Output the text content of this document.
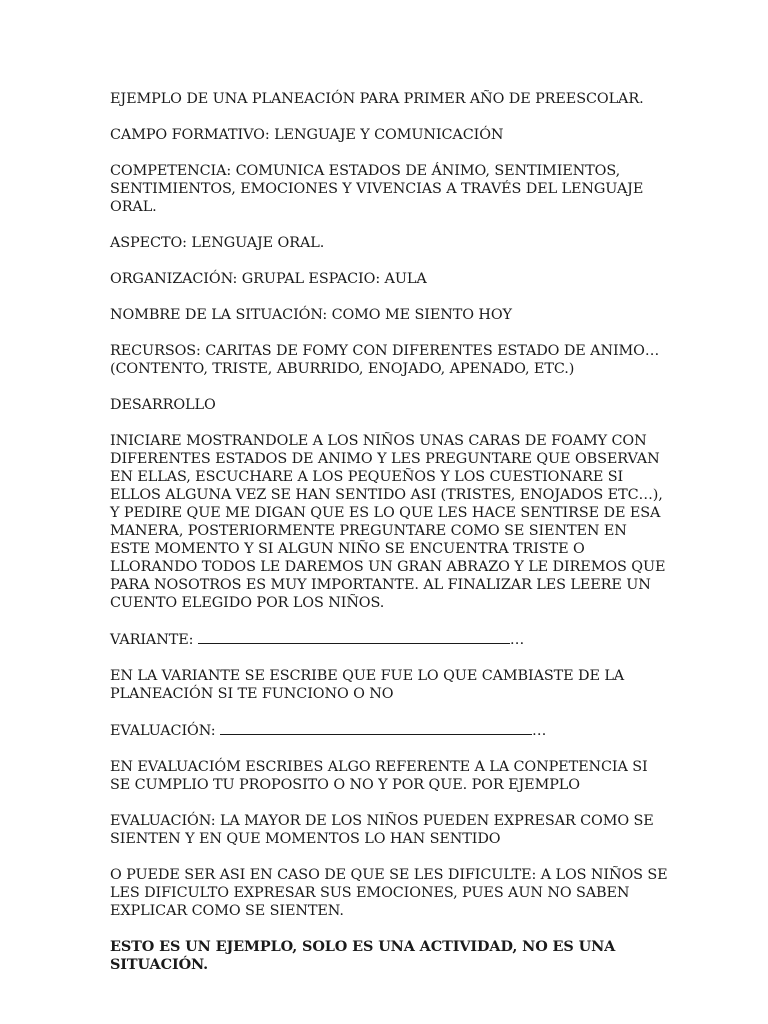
EJEMPLO DE UNA PLANEACIÓN PARA PRIMER AÑO DE PREESCOLAR.

CAMPO FORMATIVO: LENGUAJE Y COMUNICACIÓN

COMPETENCIA: COMUNICA ESTADOS DE ÁNIMO, SENTIMIENTOS, SENTIMIENTOS, EMOCIONES Y VIVENCIAS A TRAVÉS DEL LENGUAJE ORAL.

ASPECTO: LENGUAJE ORAL.

ORGANIZACIÓN: GRUPAL ESPACIO: AULA

NOMBRE DE LA SITUACIÓN: COMO ME SIENTO HOY

RECURSOS: CARITAS DE FOMY CON DIFERENTES ESTADO DE ANIMO… (CONTENTO, TRISTE, ABURRIDO, ENOJADO, APENADO, ETC.)

DESARROLLO

INICIARE MOSTRANDOLE A LOS NIÑOS UNAS CARAS DE FOAMY CON DIFERENTES ESTADOS DE ANIMO Y LES PREGUNTARE QUE OBSERVAN EN ELLAS, ESCUCHARE A LOS PEQUEÑOS Y LOS CUESTIONARE SI ELLOS ALGUNA VEZ SE HAN SENTIDO ASI (TRISTES, ENOJADOS ETC…), Y PEDIRE QUE ME DIGAN QUE ES LO QUE LES HACE SENTIRSE DE ESA MANERA, POSTERIORMENTE PREGUNTARE COMO SE SIENTEN EN ESTE MOMENTO Y SI ALGUN NIÑO SE ENCUENTRA TRISTE O LLORANDO TODOS LE DAREMOS UN GRAN ABRAZO Y LE DIREMOS QUE PARA NOSOTROS ES MUY IMPORTANTE. AL FINALIZAR LES LEERE UN CUENTO ELEGIDO POR LOS NIÑOS.

VARIANTE:	…

EN LA VARIANTE SE ESCRIBE QUE FUE LO QUE CAMBIASTE DE LA PLANEACIÓN SI TE FUNCIONO O NO

EVALUACIÓN:	…

EN EVALUACIÓM ESCRIBES ALGO REFERENTE A LA CONPETENCIA SI SE CUMPLIO TU PROPOSITO O NO Y POR QUE. POR EJEMPLO

EVALUACIÓN: LA MAYOR DE LOS NIÑOS PUEDEN EXPRESAR COMO SE SIENTEN Y EN QUE MOMENTOS LO HAN SENTIDO

O PUEDE SER ASI EN CASO DE QUE SE LES DIFICULTE: A LOS NIÑOS SE LES DIFICULTO EXPRESAR SUS EMOCIONES, PUES AUN NO SABEN EXPLICAR COMO SE SIENTEN.

ESTO ES UN EJEMPLO, SOLO ES UNA ACTIVIDAD, NO ES UNA SITUACIÓN.
